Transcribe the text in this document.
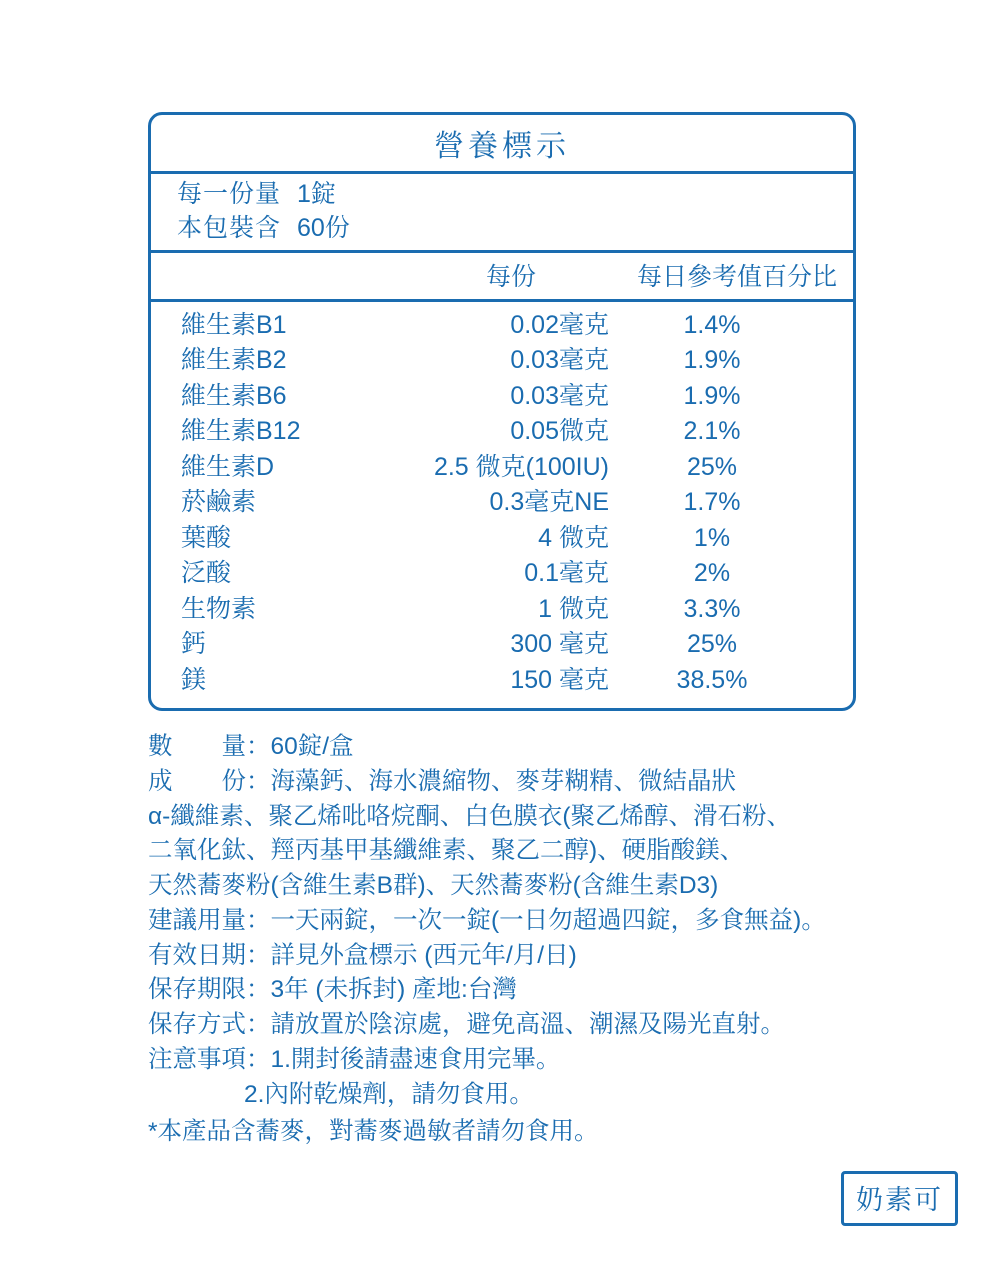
營養標示
每一份量 1錠
本包裝含 60份
每份	每日參考值百分比
維生素B1	0.02毫克	1.4%
維生素B2	0.03毫克	1.9%
維生素B6	0.03毫克	1.9%
維生素B12	0.05微克	2.1%
維生素D	2.5 微克(100IU)	25%
菸鹼素	0.3毫克NE	1.7%
葉酸	4 微克	1%
泛酸	0.1毫克	2%
生物素	1 微克	3.3%
鈣	300 毫克	25%
鎂	150 毫克	38.5%
數　　量：60錠/盒
成　　份：海藻鈣、海水濃縮物、麥芽糊精、微結晶狀
α-纖維素、聚乙烯吡咯烷酮、白色膜衣(聚乙烯醇、滑石粉、
二氧化鈦、羥丙基甲基纖維素、聚乙二醇)、硬脂酸鎂、
天然蕎麥粉(含維生素B群)、天然蕎麥粉(含維生素D3)
建議用量：一天兩錠，一次一錠(一日勿超過四錠，多食無益)。
有效日期：詳見外盒標示 (西元年/月/日)
保存期限：3年 (未拆封) 產地:台灣
保存方式：請放置於陰涼處，避免高溫、潮濕及陽光直射。
注意事項：1.開封後請盡速食用完畢。
2.內附乾燥劑，請勿食用。
*本產品含蕎麥，對蕎麥過敏者請勿食用。
奶素可
